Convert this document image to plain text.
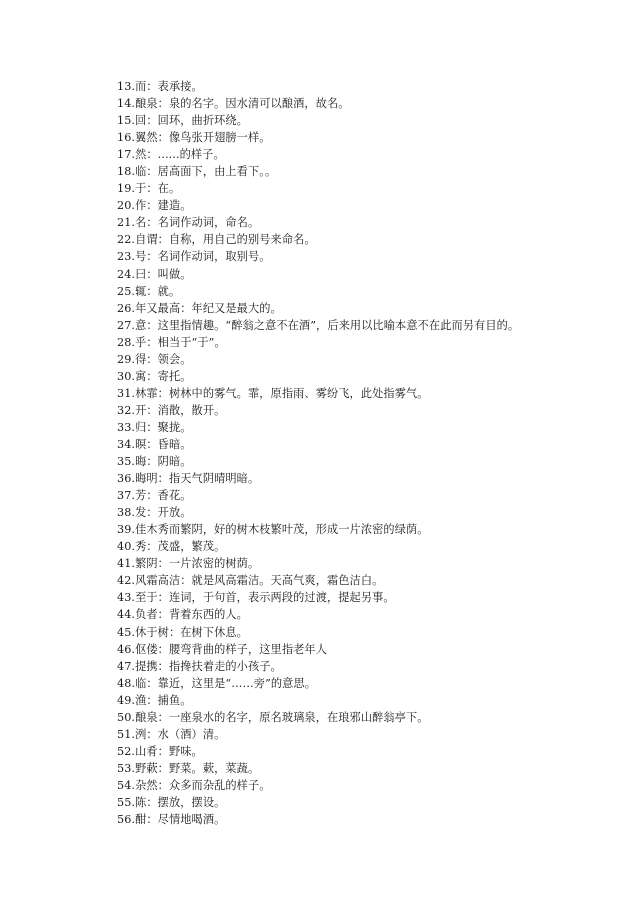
13.而：表承接。
14.酿泉：泉的名字。因水清可以酿酒，故名。
15.回：回环，曲折环绕。
16.翼然：像鸟张开翅膀一样。
17.然：......的样子。
18.临：居高面下，由上看下。。
19.于：在。
20.作：建造。
21.名：名词作动词，命名。
22.自谓：自称，用自己的别号来命名。
23.号：名词作动词，取别号。
24.曰：叫做。
25.辄：就。
26.年又最高：年纪又是最大的。
27.意：这里指情趣。“醉翁之意不在酒”，后来用以比喻本意不在此而另有目的。
28.乎：相当于“于”。
29.得：领会。
30.寓：寄托。
31.林霏：树林中的雾气。霏，原指雨、雾纷飞，此处指雾气。
32.开：消散，散开。
33.归：聚拢。
34.暝：昏暗。
35.晦：阴暗。
36.晦明：指天气阴晴明暗。
37.芳：香花。
38.发：开放。
39.佳木秀而繁阴，好的树木枝繁叶茂，形成一片浓密的绿荫。
40.秀：茂盛，繁茂。
41.繁阴：一片浓密的树荫。
42.风霜高洁：就是风高霜洁。天高气爽，霜色洁白。
43.至于：连词，于句首，表示两段的过渡，提起另事。
44.负者：背着东西的人。
45.休于树：在树下休息。
46.伛偻：腰弯背曲的样子，这里指老年人
47.提携：指搀扶着走的小孩子。
48.临：靠近，这里是“……旁”的意思。
49.渔：捕鱼。
50.酿泉：一座泉水的名字，原名玻璃泉，在琅邪山醉翁亭下。
51.洌：水（酒）清。
52.山肴：野味。
53.野蔌：野菜。蔌，菜蔬。
54.杂然：众多而杂乱的样子。
55.陈：摆放，摆设。
56.酣：尽情地喝酒。
